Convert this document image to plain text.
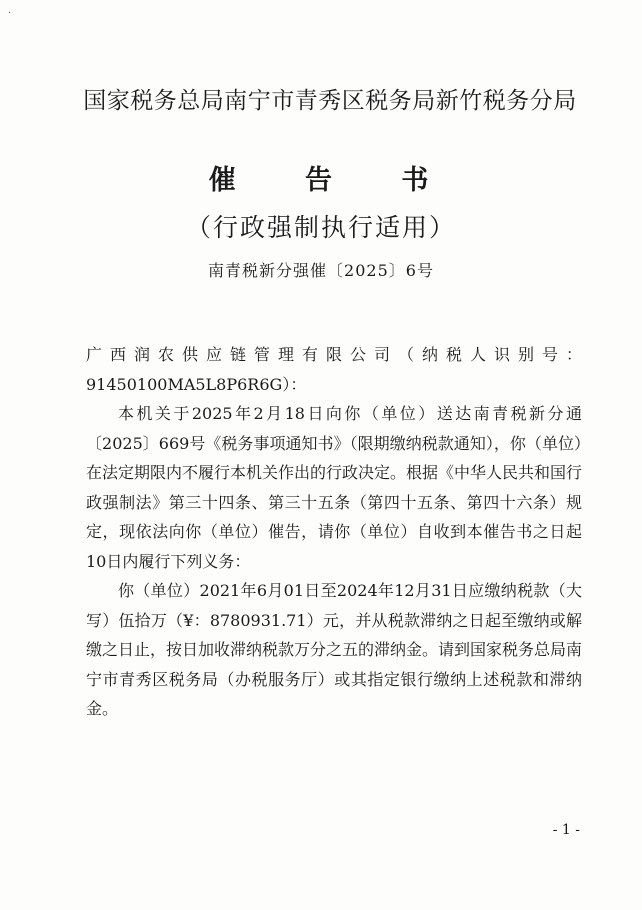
·
国家税务总局南宁市青秀区税务局新竹税务分局
催 告 书
（行政强制执行适用）
南青税新分强催〔2025〕6号

广西润农供应链管理有限公司（纳税人识别号：91450100MA5L8P6R6G）：

本机关于2025年2月18日向你（单位）送达南青税新分通〔2025〕669号《税务事项通知书》（限期缴纳税款通知），你（单位）在法定期限内不履行本机关作出的行政决定。根据《中华人民共和国行政强制法》第三十四条、第三十五条（第四十五条、第四十六条）规定，现依法向你（单位）催告，请你（单位）自收到本催告书之日起10日内履行下列义务：

你（单位）2021年6月01日至2024年12月31日应缴纳税款（大写）伍拾万（¥：8780931.71）元，并从税款滞纳之日起至缴纳或解缴之日止，按日加收滞纳税款万分之五的滞纳金。请到国家税务总局南宁市青秀区税务局（办税服务厅）或其指定银行缴纳上述税款和滞纳金。

- 1 -
